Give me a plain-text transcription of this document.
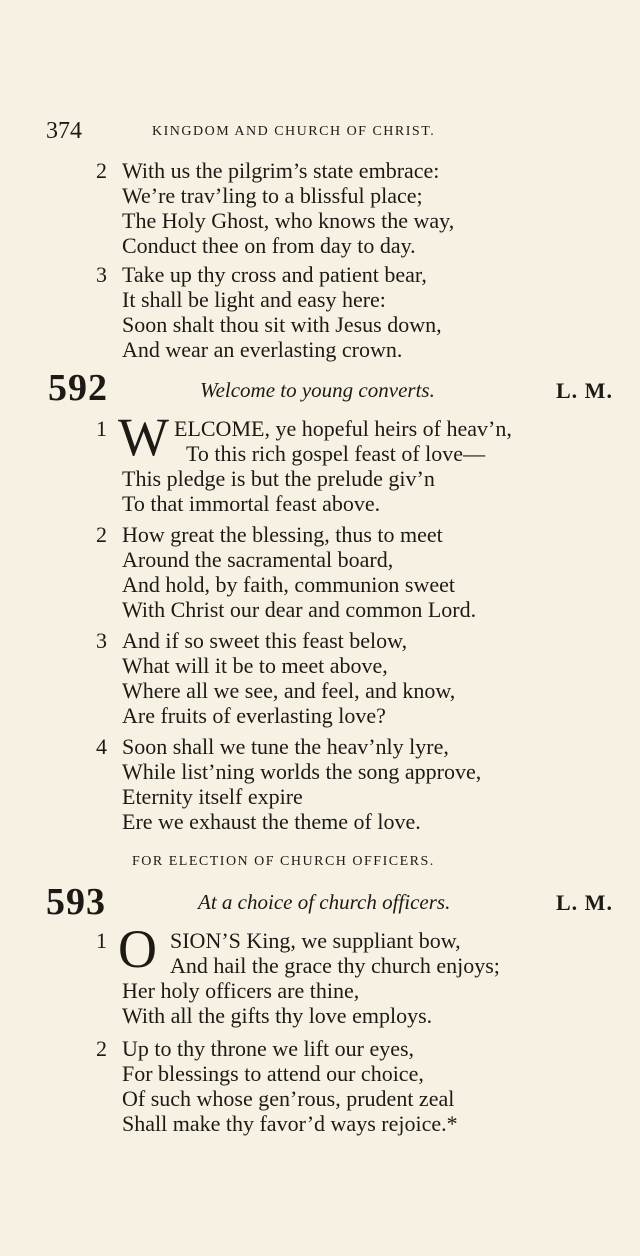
374	KINGDOM AND CHURCH OF CHRIST.
2 With us the pilgrim’s state embrace:
We’re trav’ling to a blissful place;
The Holy Ghost, who knows the way,
Conduct thee on from day to day.
3 Take up thy cross and patient bear,
It shall be light and easy here:
Soon shalt thou sit with Jesus down,
And wear an everlasting crown.
592	Welcome to young converts.	L. M.
1 W ELCOME, ye hopeful heirs of heav’n,
To this rich gospel feast of love—
This pledge is but the prelude giv’n
To that immortal feast above.
2 How great the blessing, thus to meet
Around the sacramental board,
And hold, by faith, communion sweet
With Christ our dear and common Lord.
3 And if so sweet this feast below,
What will it be to meet above,
Where all we see, and feel, and know,
Are fruits of everlasting love?
4 Soon shall we tune the heav’nly lyre,
While list’ning worlds the song approve,
Eternity itself expire
Ere we exhaust the theme of love.
FOR ELECTION OF CHURCH OFFICERS.
593	At a choice of church officers.	L. M.
1 O SION’S King, we suppliant bow,
And hail the grace thy church enjoys;
Her holy officers are thine,
With all the gifts thy love employs.
2 Up to thy throne we lift our eyes,
For blessings to attend our choice,
Of such whose gen’rous, prudent zeal
Shall make thy favor’d ways rejoice.*
